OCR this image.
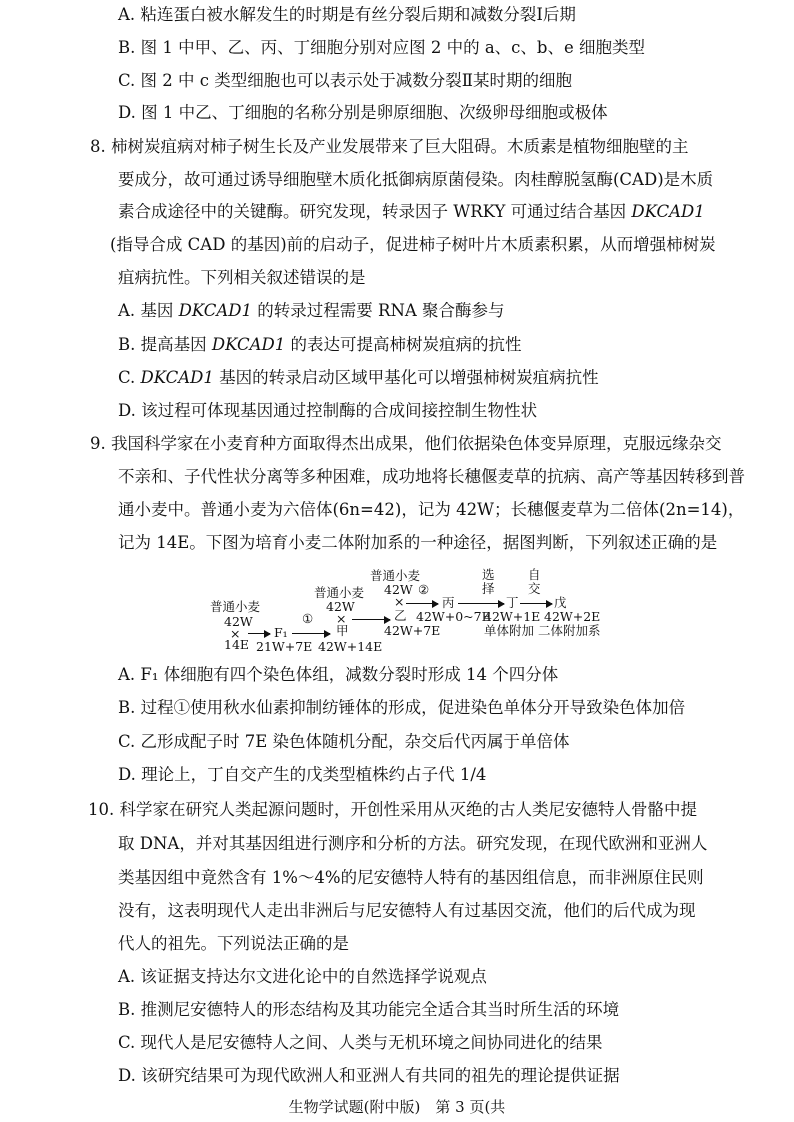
A. 粘连蛋白被水解发生的时期是有丝分裂后期和减数分裂Ⅰ后期
B. 图 1 中甲、乙、丙、丁细胞分别对应图 2 中的 a、c、b、e 细胞类型
C. 图 2 中 c 类型细胞也可以表示处于减数分裂Ⅱ某时期的细胞
D. 图 1 中乙、丁细胞的名称分别是卵原细胞、次级卵母细胞或极体
8. 柿树炭疽病对柿子树生长及产业发展带来了巨大阻碍。木质素是植物细胞壁的主
要成分，故可通过诱导细胞壁木质化抵御病原菌侵染。肉桂醇脱氢酶(CAD)是木质
素合成途径中的关键酶。研究发现，转录因子 WRKY 可通过结合基因 DKCAD1
(指导合成 CAD 的基因)前的启动子，促进柿子树叶片木质素积累，从而增强柿树炭
疽病抗性。下列相关叙述错误的是
A. 基因 DKCAD1 的转录过程需要 RNA 聚合酶参与
B. 提高基因 DKCAD1 的表达可提高柿树炭疽病的抗性
C. DKCAD1 基因的转录启动区域甲基化可以增强柿树炭疽病抗性
D. 该过程可体现基因通过控制酶的合成间接控制生物性状
9. 我国科学家在小麦育种方面取得杰出成果，他们依据染色体变异原理，克服远缘杂交
不亲和、子代性状分离等多种困难，成功地将长穗偃麦草的抗病、高产等基因转移到普
通小麦中。普通小麦为六倍体(6n=42)，记为 42W；长穗偃麦草为二倍体(2n=14)，
记为 14E。下图为培育小麦二体附加系的一种途径，据图判断，下列叙述正确的是
普通小麦
42W
×
14E
F₁
21W+7E
①
普通小麦
42W
×
甲
42W+14E
普通小麦
42W
×
②
乙
42W+7E
丙
42W+0~7E
选
择
丁
42W+1E
单体附加
自
交
戊
42W+2E
二体附加系
A. F₁ 体细胞有四个染色体组，减数分裂时形成 14 个四分体
B. 过程①使用秋水仙素抑制纺锤体的形成，促进染色单体分开导致染色体加倍
C. 乙形成配子时 7E 染色体随机分配，杂交后代丙属于单倍体
D. 理论上，丁自交产生的戊类型植株约占子代 1/4
10. 科学家在研究人类起源问题时，开创性采用从灭绝的古人类尼安德特人骨骼中提
取 DNA，并对其基因组进行测序和分析的方法。研究发现，在现代欧洲和亚洲人
类基因组中竟然含有 1%～4%的尼安德特人特有的基因组信息，而非洲原住民则
没有，这表明现代人走出非洲后与尼安德特人有过基因交流，他们的后代成为现
代人的祖先。下列说法正确的是
A. 该证据支持达尔文进化论中的自然选择学说观点
B. 推测尼安德特人的形态结构及其功能完全适合其当时所生活的环境
C. 现代人是尼安德特人之间、人类与无机环境之间协同进化的结果
D. 该研究结果可为现代欧洲人和亚洲人有共同的祖先的理论提供证据
生物学试题(附中版)　第 3 页(共
